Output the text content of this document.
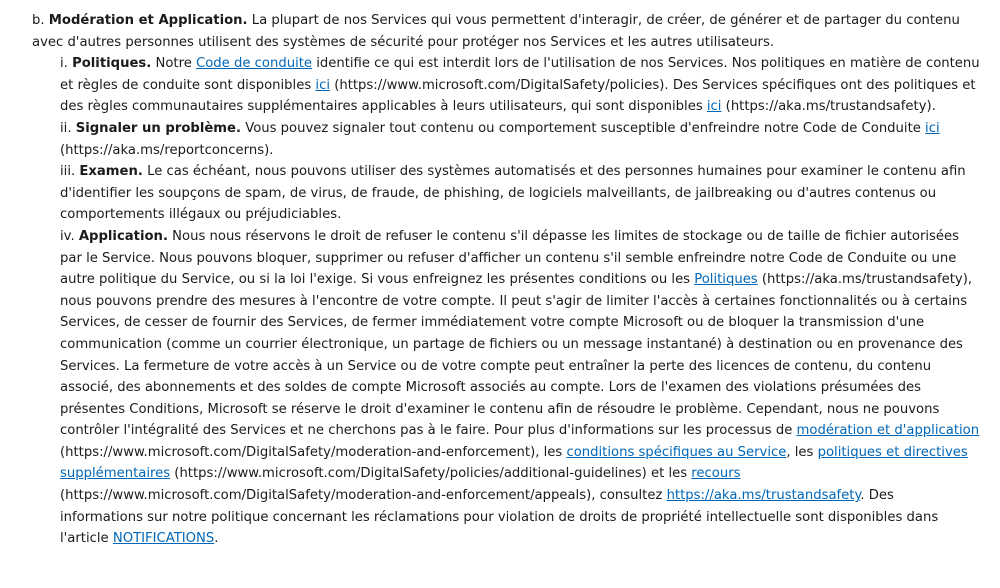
b. Modération et Application. La plupart de nos Services qui vous permettent d'interagir, de créer, de générer et de partager du contenu avec d'autres personnes utilisent des systèmes de sécurité pour protéger nos Services et les autres utilisateurs.

i. Politiques. Notre Code de conduite identifie ce qui est interdit lors de l'utilisation de nos Services. Nos politiques en matière de contenu et règles de conduite sont disponibles ici (https://www.microsoft.com/DigitalSafety/policies). Des Services spécifiques ont des politiques et des règles communautaires supplémentaires applicables à leurs utilisateurs, qui sont disponibles ici (https://aka.ms/trustandsafety).

ii. Signaler un problème. Vous pouvez signaler tout contenu ou comportement susceptible d'enfreindre notre Code de Conduite ici (https://aka.ms/reportconcerns).

iii. Examen. Le cas échéant, nous pouvons utiliser des systèmes automatisés et des personnes humaines pour examiner le contenu afin d'identifier les soupçons de spam, de virus, de fraude, de phishing, de logiciels malveillants, de jailbreaking ou d'autres contenus ou comportements illégaux ou préjudiciables.

iv. Application. Nous nous réservons le droit de refuser le contenu s'il dépasse les limites de stockage ou de taille de fichier autorisées par le Service. Nous pouvons bloquer, supprimer ou refuser d'afficher un contenu s'il semble enfreindre notre Code de Conduite ou une autre politique du Service, ou si la loi l'exige. Si vous enfreignez les présentes conditions ou les Politiques (https://aka.ms/trustandsafety), nous pouvons prendre des mesures à l'encontre de votre compte. Il peut s'agir de limiter l'accès à certaines fonctionnalités ou à certains Services, de cesser de fournir des Services, de fermer immédiatement votre compte Microsoft ou de bloquer la transmission d'une communication (comme un courrier électronique, un partage de fichiers ou un message instantané) à destination ou en provenance des Services. La fermeture de votre accès à un Service ou de votre compte peut entraîner la perte des licences de contenu, du contenu associé, des abonnements et des soldes de compte Microsoft associés au compte. Lors de l'examen des violations présumées des présentes Conditions, Microsoft se réserve le droit d'examiner le contenu afin de résoudre le problème. Cependant, nous ne pouvons contrôler l'intégralité des Services et ne cherchons pas à le faire. Pour plus d'informations sur les processus de modération et d'application (https://www.microsoft.com/DigitalSafety/moderation-and-enforcement), les conditions spécifiques au Service, les politiques et directives supplémentaires (https://www.microsoft.com/DigitalSafety/policies/additional-guidelines) et les recours (https://www.microsoft.com/DigitalSafety/moderation-and-enforcement/appeals), consultez https://aka.ms/trustandsafety. Des informations sur notre politique concernant les réclamations pour violation de droits de propriété intellectuelle sont disponibles dans l'article NOTIFICATIONS.
